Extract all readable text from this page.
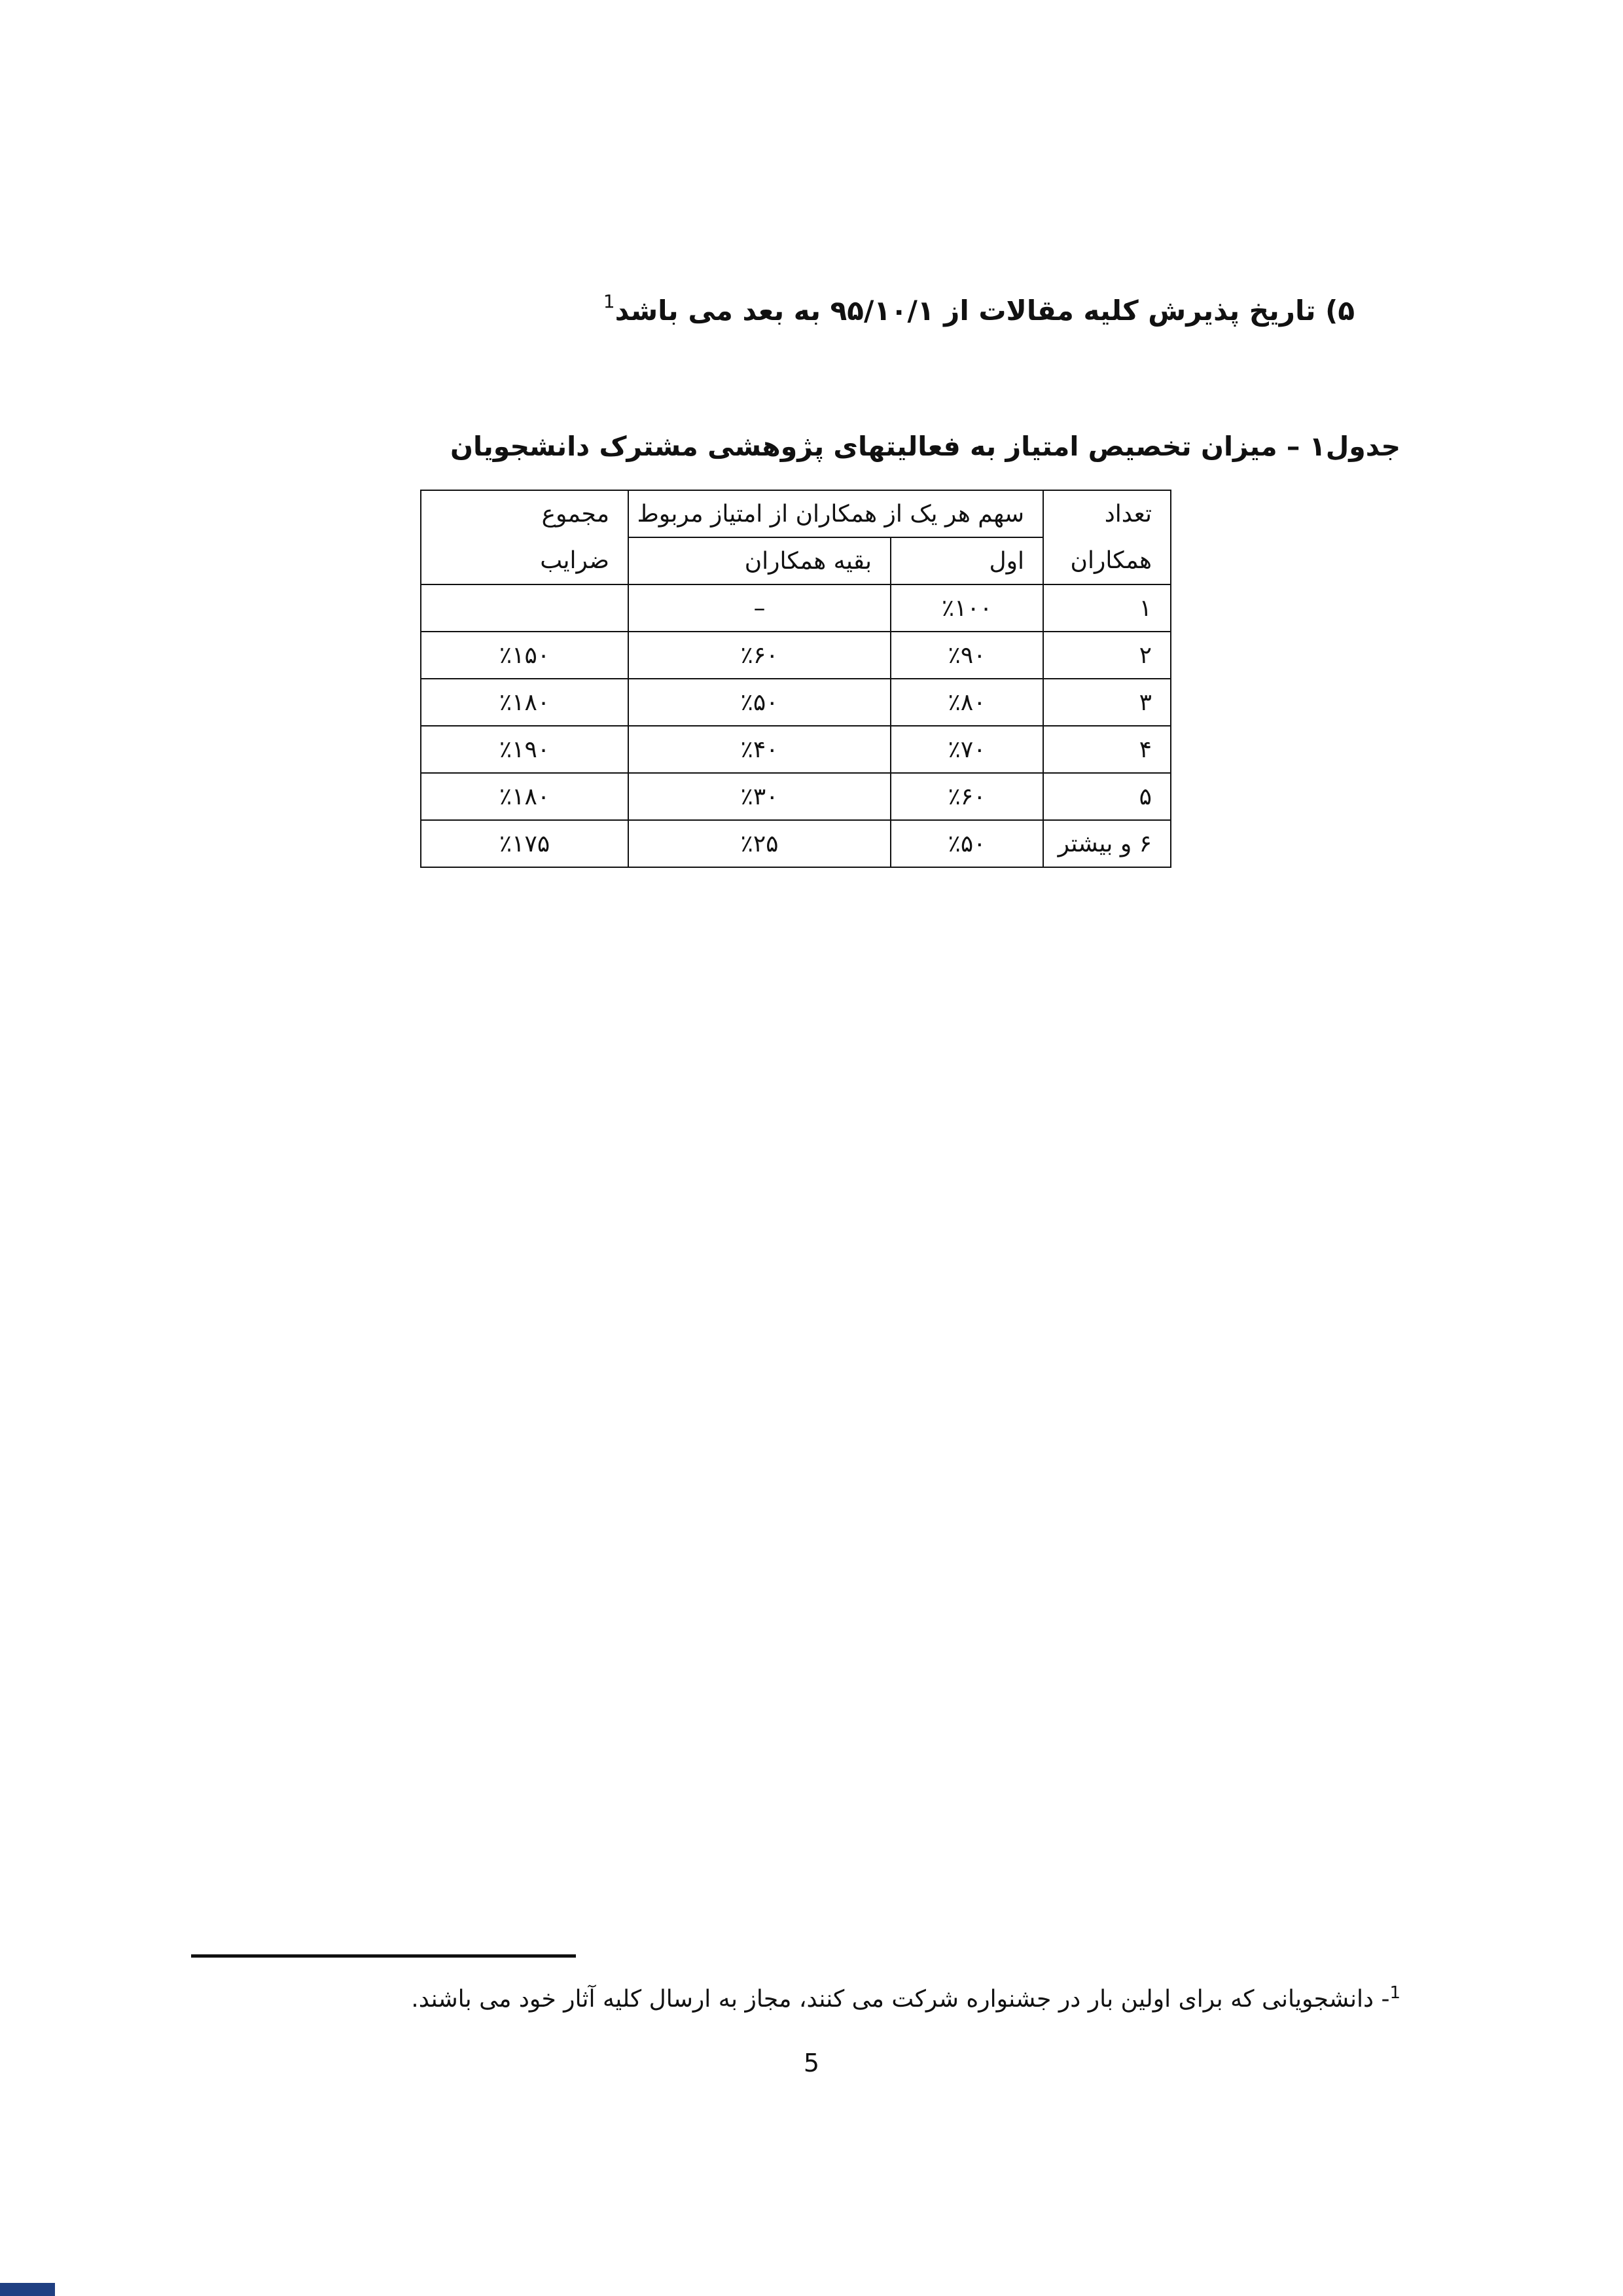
۵) تاریخ پذیرش کلیه مقالات از ۹۵/۱۰/۱ به بعد می باشد$^1$
جدول۱ – میزان تخصیص امتیاز به فعالیتهای پژوهشی مشترک دانشجویان
تعداد	سهم هر یک از همکاران از امتیاز مربوط		مجموع
همکاران	اول	بقیه همکاران	ضرایب
۱	٪۱۰۰	–	
۲	٪۹۰	٪۶۰	٪۱۵۰
۳	٪۸۰	٪۵۰	٪۱۸۰
۴	٪۷۰	٪۴۰	٪۱۹۰
۵	٪۶۰	٪۳۰	٪۱۸۰
۶ و بیشتر	٪۵۰	٪۲۵	٪۱۷۵
$^1$- دانشجویانی که برای اولین بار در جشنواره شرکت می کنند، مجاز به ارسال کلیه آثار خود می باشند.
5
